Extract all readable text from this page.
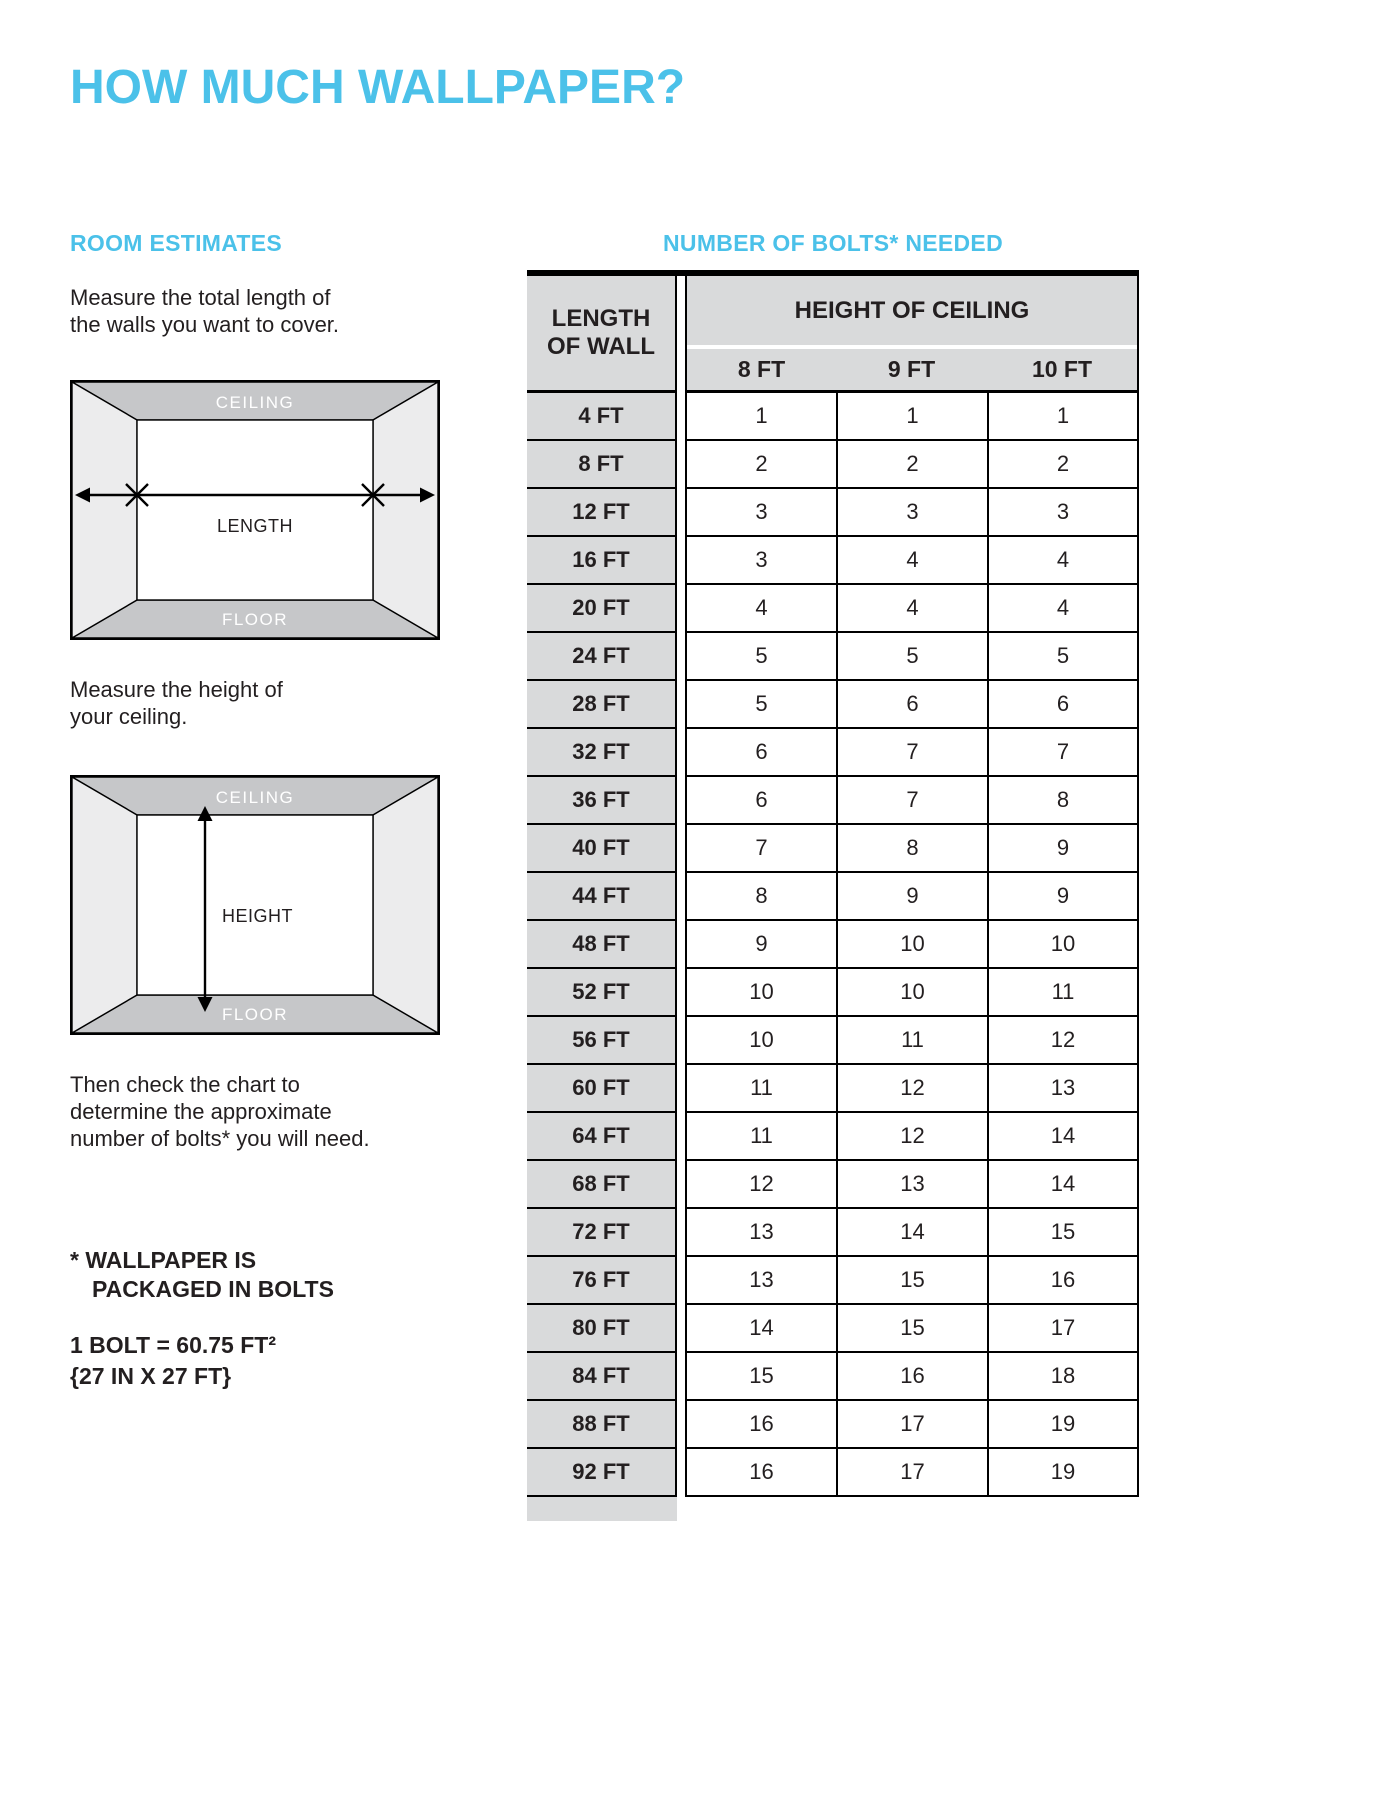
HOW MUCH WALLPAPER?
ROOM ESTIMATES
Measure the total length of
the walls you want to cover.
CEILING
FLOOR
LENGTH
Measure the height of
your ceiling.
CEILING
FLOOR
HEIGHT
Then check the chart to
determine the approximate
number of bolts* you will need.
* WALLPAPER IS
PACKAGED IN BOLTS
1 BOLT = 60.75 FT²
{27 IN X 27 FT}
NUMBER OF BOLTS* NEEDED
LENGTH OF WALL
HEIGHT OF CEILING
8 FT	9 FT	10 FT
4 FT	1	1	1
8 FT	2	2	2
12 FT	3	3	3
16 FT	3	4	4
20 FT	4	4	4
24 FT	5	5	5
28 FT	5	6	6
32 FT	6	7	7
36 FT	6	7	8
40 FT	7	8	9
44 FT	8	9	9
48 FT	9	10	10
52 FT	10	10	11
56 FT	10	11	12
60 FT	11	12	13
64 FT	11	12	14
68 FT	12	13	14
72 FT	13	14	15
76 FT	13	15	16
80 FT	14	15	17
84 FT	15	16	18
88 FT	16	17	19
92 FT	16	17	19
